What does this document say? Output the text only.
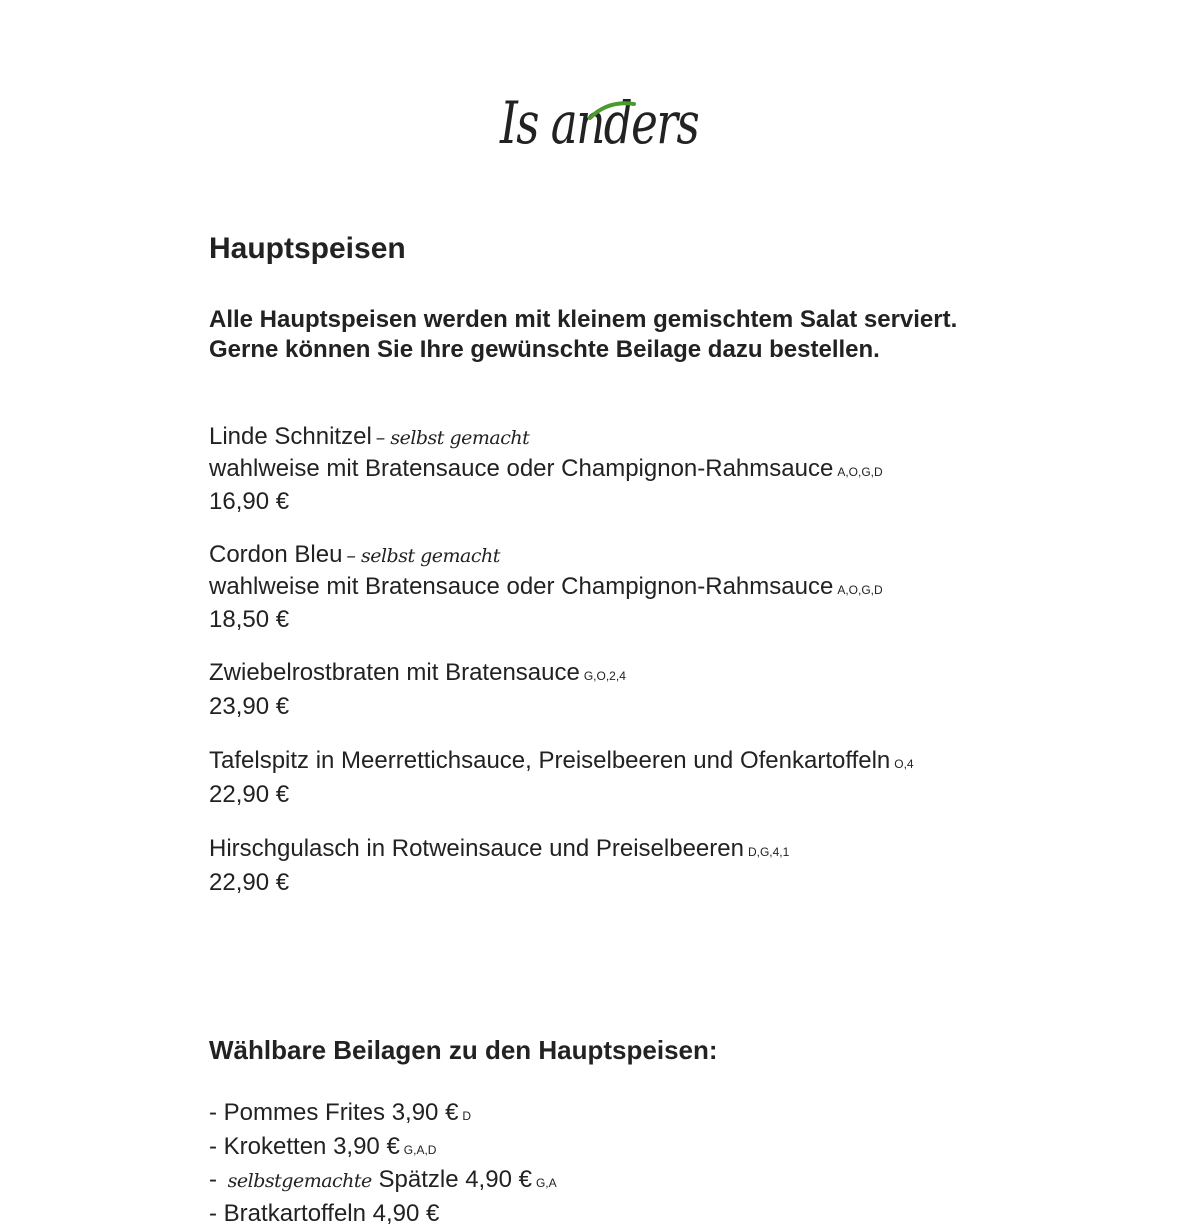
Is anders
Hauptspeisen
Alle Hauptspeisen werden mit kleinem gemischtem Salat serviert.
Gerne können Sie Ihre gewünschte Beilage dazu bestellen.
Linde Schnitzel – selbst gemacht
wahlweise mit Bratensauce oder Champignon-Rahmsauce A,O,G,D
16,90 €
Cordon Bleu – selbst gemacht
wahlweise mit Bratensauce oder Champignon-Rahmsauce A,O,G,D
18,50 €
Zwiebelrostbraten mit Bratensauce G,O,2,4
23,90 €
Tafelspitz in Meerrettichsauce, Preiselbeeren und Ofenkartoffeln O,4
22,90 €
Hirschgulasch in Rotweinsauce und Preiselbeeren D,G,4,1
22,90 €
Wählbare Beilagen zu den Hauptspeisen:
- Pommes Frites 3,90 € D
- Kroketten 3,90 € G,A,D
- selbstgemachte Spätzle 4,90 € G,A
- Bratkartoffeln 4,90 €
